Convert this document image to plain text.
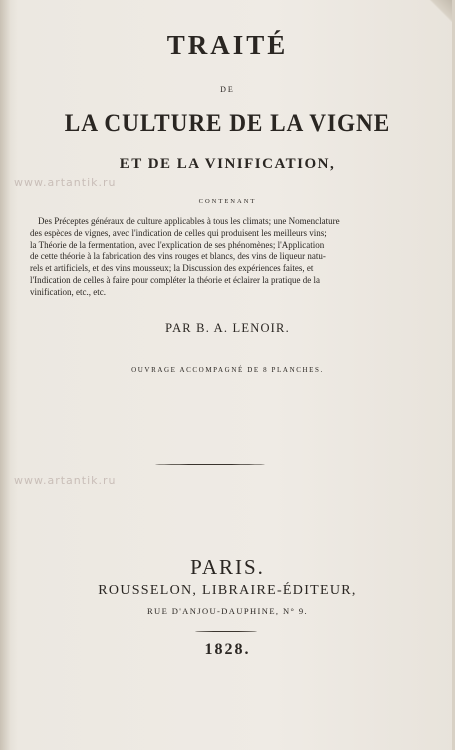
www.artantik.ru
www.artantik.ru
TRAITÉ
DE
LA CULTURE DE LA VIGNE
ET DE LA VINIFICATION,
CONTENANT
Des Préceptes généraux de culture applicables à tous les climats; une Nomenclature
des espèces de vignes, avec l'indication de celles qui produisent les meilleurs vins;
la Théorie de la fermentation, avec l'explication de ses phénomènes; l'Application
de cette théorie à la fabrication des vins rouges et blancs, des vins de liqueur natu-
rels et artificiels, et des vins mousseux; la Discussion des expériences faites, et
l'Indication de celles à faire pour compléter la théorie et éclairer la pratique de la
vinification, etc., etc.
PAR B. A. LENOIR.
OUVRAGE ACCOMPAGNÉ DE 8 PLANCHES.
PARIS.
ROUSSELON, LIBRAIRE-ÉDITEUR,
RUE D'ANJOU-DAUPHINE, N° 9.
1828.
